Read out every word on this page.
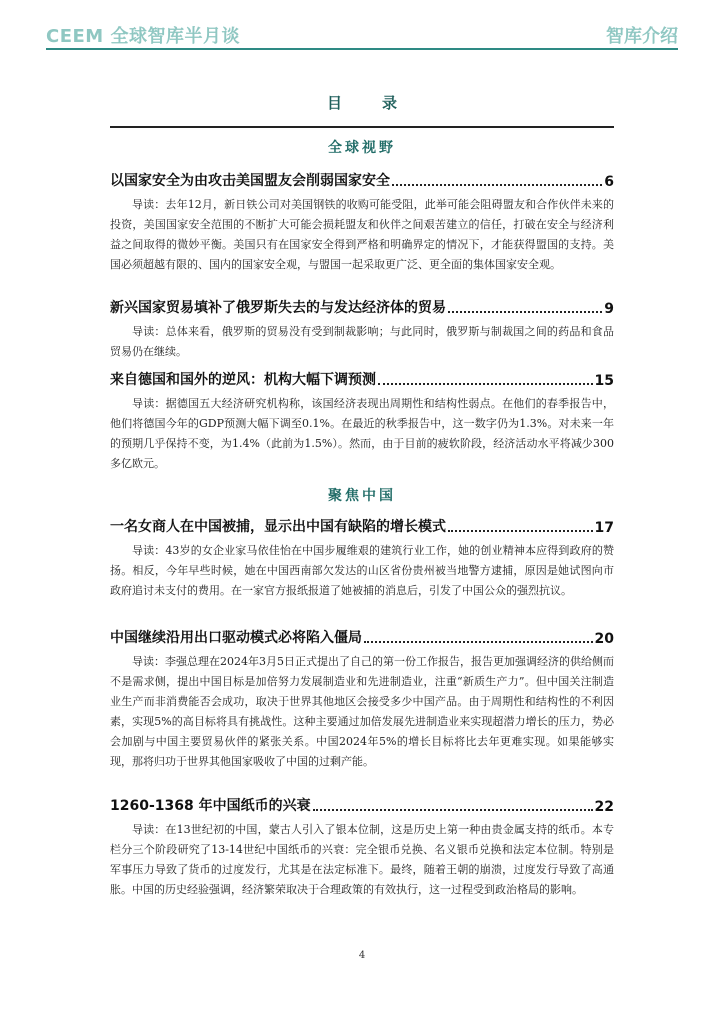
CEEM 全球智库半月谈	智库介绍
目录
全球视野
以国家安全为由攻击美国盟友会削弱国家安全	6
导读：去年12月，新日铁公司对美国钢铁的收购可能受阻，此举可能会阻碍盟友和合作伙伴未来的投资，美国国家安全范围的不断扩大可能会损耗盟友和伙伴之间艰苦建立的信任，打破在安全与经济利益之间取得的微妙平衡。美国只有在国家安全得到严格和明确界定的情况下，才能获得盟国的支持。美国必须超越有限的、国内的国家安全观，与盟国一起采取更广泛、更全面的集体国家安全观。
新兴国家贸易填补了俄罗斯失去的与发达经济体的贸易	9
导读：总体来看，俄罗斯的贸易没有受到制裁影响；与此同时，俄罗斯与制裁国之间的药品和食品贸易仍在继续。
来自德国和国外的逆风：机构大幅下调预测	15
导读：据德国五大经济研究机构称，该国经济表现出周期性和结构性弱点。在他们的春季报告中，他们将德国今年的GDP预测大幅下调至0.1%。在最近的秋季报告中，这一数字仍为1.3%。对未来一年的预期几乎保持不变，为1.4%（此前为1.5%）。然而，由于目前的疲软阶段，经济活动水平将减少300多亿欧元。
聚焦中国
一名女商人在中国被捕，显示出中国有缺陷的增长模式	17
导读：43岁的女企业家马依佳怡在中国步履维艰的建筑行业工作，她的创业精神本应得到政府的赞扬。相反，今年早些时候，她在中国西南部欠发达的山区省份贵州被当地警方逮捕，原因是她试图向市政府追讨未支付的费用。在一家官方报纸报道了她被捕的消息后，引发了中国公众的强烈抗议。
中国继续沿用出口驱动模式必将陷入僵局	20
导读：李强总理在2024年3月5日正式提出了自己的第一份工作报告，报告更加强调经济的供给侧而不是需求侧，提出中国目标是加倍努力发展制造业和先进制造业，注重“新质生产力”。但中国关注制造业生产而非消费能否会成功，取决于世界其他地区会接受多少中国产品。由于周期性和结构性的不利因素，实现5%的高目标将具有挑战性。这种主要通过加倍发展先进制造业来实现超潜力增长的压力，势必会加剧与中国主要贸易伙伴的紧张关系。中国2024年5%的增长目标将比去年更难实现。如果能够实现，那将归功于世界其他国家吸收了中国的过剩产能。
1260-1368 年中国纸币的兴衰	22
导读：在13世纪初的中国，蒙古人引入了银本位制，这是历史上第一种由贵金属支持的纸币。本专栏分三个阶段研究了13-14世纪中国纸币的兴衰：完全银币兑换、名义银币兑换和法定本位制。特别是军事压力导致了货币的过度发行，尤其是在法定标准下。最终，随着王朝的崩溃，过度发行导致了高通胀。中国的历史经验强调，经济繁荣取决于合理政策的有效执行，这一过程受到政治格局的影响。
4
